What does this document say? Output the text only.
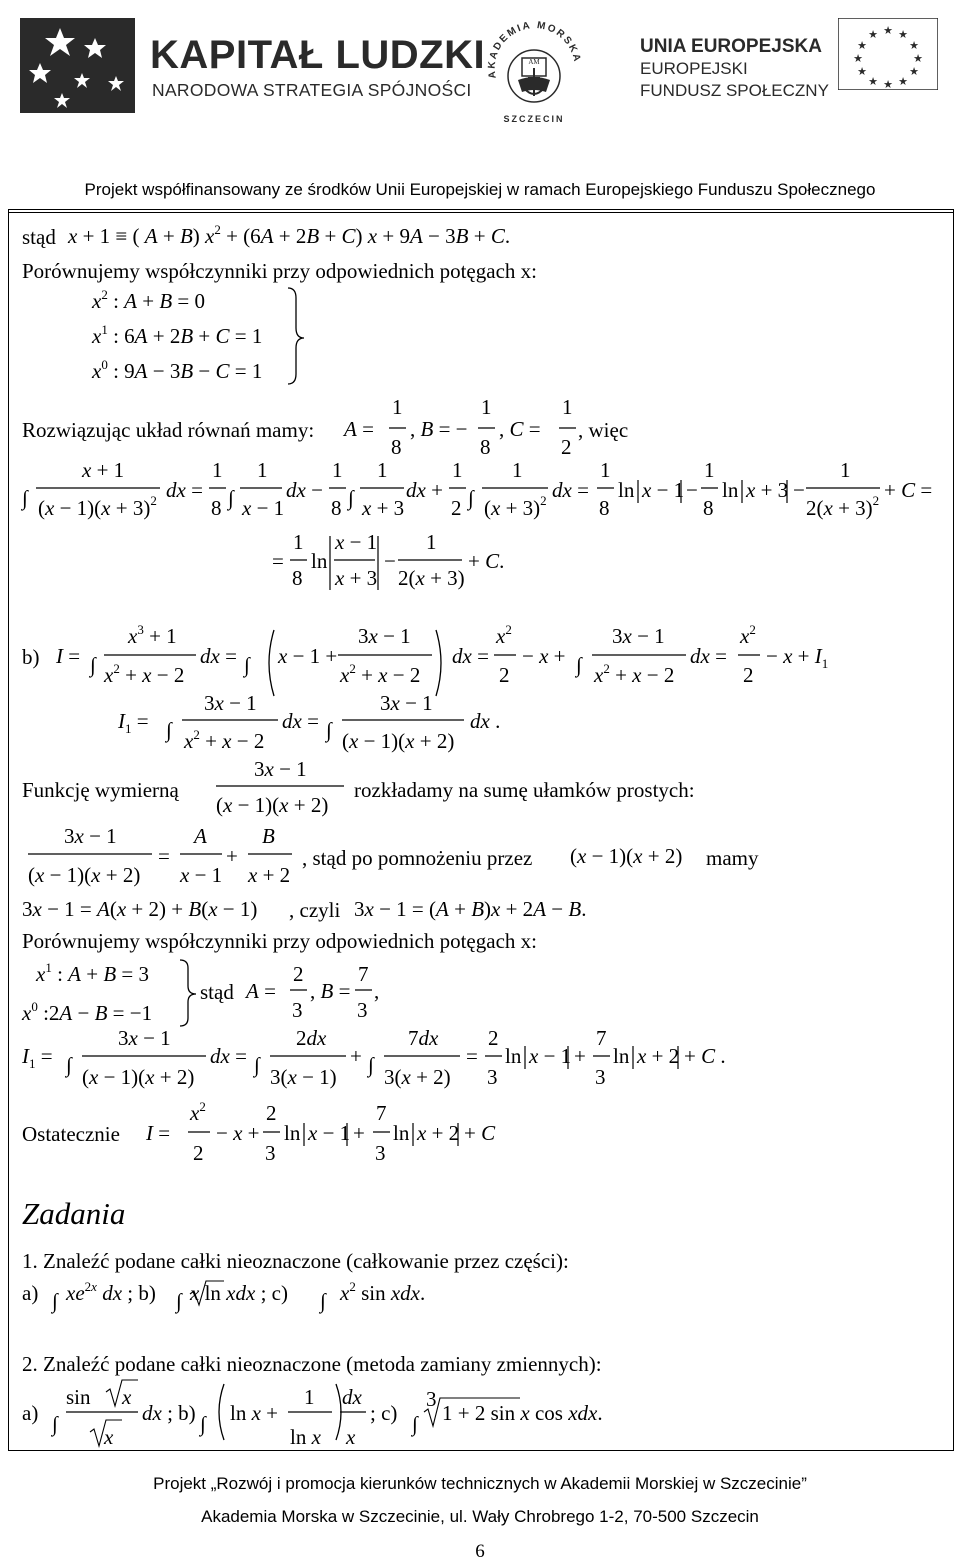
KAPITAŁ LUDZKI
NARODOWA STRATEGIA SPÓJNOŚCI
AM
AKADEMIA MORSKA
SZCZECIN
UNIA EUROPEJSKA
EUROPEJSKI
FUNDUSZ SPOŁECZNY
★ ★
★
★
★
★
★
★
★
★
★
★
Projekt współfinansowany ze środków Unii Europejskiej w ramach Europejskiego Funduszu Społecznego
stąd
Porównujemy współczynniki przy odpowiednich potęgach x:
Rozwiązując układ równań mamy:	, więc
b)
Funkcję wymierną	rozkładamy na sumę ułamków prostych:
, stąd po pomnożeniu przez	mamy
, czyli
Porównujemy współczynniki przy odpowiednich potęgach x:
stąd
Ostatecznie
Zadania
1. Znaleźć podane całki nieoznaczone (całkowanie przez części):
2. Znaleźć podane całki nieoznaczone (metoda zamiany zmiennych):
x + 1 ≡ ( A + B) $x^2 + (6A + 2B + C) x + 9A - 3B + C$.
$x^2$ : A + B = 0
$x^1$ : 6A + 2B + C = 1
$x^0$ : 9A − 3B − C = 1
A =
1
8
, B = −
1
8
, C =
1
2
∫
x + 1
$(x - 1)(x + 3)^2$ dx =
1
8 ∫
1
x − 1
dx −
1
8 ∫
1
x + 3
dx +
1
2 ∫
1
$(x + 3)^2$ dx =
1
8
ln x − 1 −
1
8
ln x + 3 −
1
$2(x + 3)^2 + C$ =
=
1
8
ln
x − 1
x + 3
−
1
2(x + 3)
+ C.
I = ∫
$x^3 + 1$
$x^2 + x - 2$
dx = ∫ x − 1 +
3x − 1
$x^2 + x - 2$
dx =
$x^2$
2
− x + ∫
3x − 1
$x^2 + x - 2$
dx =
$x^2$
2
− $x + I_1$
$I_1$ = ∫
3x − 1
$x^2 + x - 2$
dx = ∫
3x − 1
(x − 1)(x + 2)
dx .
3x − 1
(x − 1)(x + 2)
3x − 1
(x − 1)(x + 2)
=
A
x − 1
+
B
x + 2
(x − 1)(x + 2)
3x − 1 = A(x + 2) + B(x − 1)	3x − 1 = (A + B)x + 2A − B.
$x^1$ : A + B = 3
$x^0$ :2A − B = −1
A =
2
3
, B =
7
3
,
$I_1$ = ∫
3x − 1
(x − 1)(x + 2)
dx = ∫
2dx
3(x − 1)
+ ∫
7dx
3(x + 2)
=
2
3
ln x − 1 +
7
3
ln x + 2 + C .
I =
$x^2$
2
− x +
2
3
ln x − 1 +
7
3
ln x + 2 + C
a) ∫ $xe^2x$ dx ; b) ∫ x ln xdx ; c) ∫ $x^2$ sin xdx.
a) ∫
sin x
x
dx ; b) ∫ ln x +
1
ln x
dx
x
; c) ∫
3
1 + 2 sin x cos xdx.
Projekt „Rozwój i promocja kierunków technicznych w Akademii Morskiej w Szczecinie”
Akademia Morska w Szczecinie, ul. Wały Chrobrego 1-2, 70-500 Szczecin
6
